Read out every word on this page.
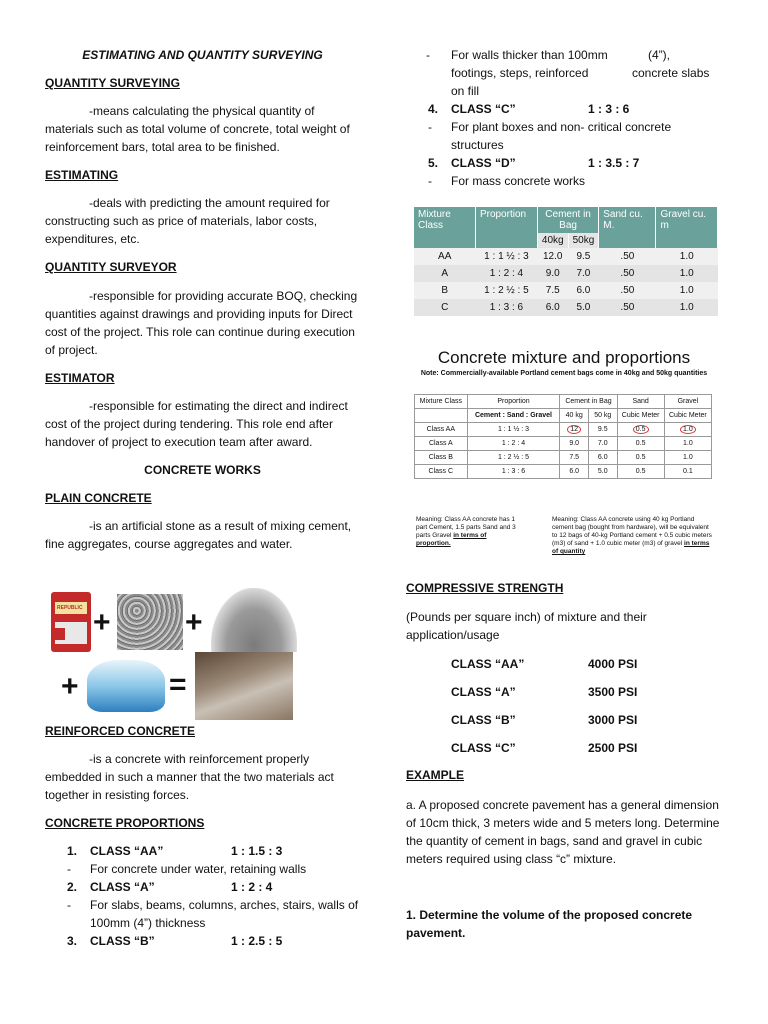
ESTIMATING AND QUANTITY SURVEYING

QUANTITY SURVEYING

-means calculating the physical quantity of materials such as total volume of concrete, total weight of reinforcement bars, total area to be finished.

ESTIMATING

-deals with predicting the amount required for constructing such as price of materials, labor costs, expenditures, etc.

QUANTITY SURVEYOR

-responsible for providing accurate BOQ, checking quantities against drawings and providing inputs for Direct cost of the project. This role can continue during execution of project.

ESTIMATOR

-responsible for estimating the direct and indirect cost of the project during tendering. This role end after handover of project to execution team after award.

CONCRETE WORKS

PLAIN CONCRETE

-is an artificial stone as a result of mixing cement, fine aggregates, course aggregates and water.

REPUBLIC + +
+	=

REINFORCED CONCRETE

-is a concrete with reinforcement properly embedded in such a manner that the two materials act together in resisting forces.

CONCRETE PROPORTIONS

1. CLASS “AA”	1 : 1.5 : 3
- For concrete under water, retaining walls
2. CLASS “A”	1 : 2 : 4
- For slabs, beams, columns, arches, stairs, walls of 100mm (4”) thickness
3. CLASS “B”	1 : 2.5 : 5
- For walls thicker than 100mm	(4”),
footings, steps, reinforced	concrete slabs
on fill
4. CLASS “C”	1 : 3 : 6
- For plant boxes and non- critical concrete structures
5. CLASS “D”	1 : 3.5 : 7
- For mass concrete works
Mixture Class	Proportion	Cement in Bag		Sand cu. M.	Gravel cu. m
		40kg	50kg		
AA	1 : 1 ½ : 3	12.0	9.5	.50	1.0
A	1 : 2 : 4	9.0	7.0	.50	1.0
B	1 : 2 ½ : 5	7.5	6.0	.50	1.0
C	1 : 3 : 6	6.0	5.0	.50	1.0

Concrete mixture and proportions

Note: Commercially-available Portland cement bags come in 40kg and 50kg quantities

Mixture Class	Proportion	Cement in Bag		Sand	Gravel
	Cement : Sand : Gravel	40 kg	50 kg	Cubic Meter	Cubic Meter
Class AA	1 : 1 ½ : 3	12	9.5	0.5	1.0
Class A	1 : 2 : 4	9.0	7.0	0.5	1.0
Class B	1 : 2 ½ : 5	7.5	6.0	0.5	1.0
Class C	1 : 3 : 6	6.0	5.0	0.5	0.1
Meaning: Class AA concrete has 1 part Cement, 1.5 parts Sand and 3 parts Gravel in terms of proportion.
Meaning: Class AA concrete using 40 kg Portland cement bag (bought from hardware), will be equivalent to 12 bags of 40-kg Portland cement + 0.5 cubic meters (m3) of sand + 1.0 cubic meter (m3) of gravel in terms of quantity

COMPRESSIVE STRENGTH

(Pounds per square inch) of mixture and their application/usage

CLASS “AA”	4000 PSI
CLASS “A”	3500 PSI
CLASS “B”	3000 PSI
CLASS “C”	2500 PSI

EXAMPLE

a. A proposed concrete pavement has a general dimension of 10cm thick, 3 meters wide and 5 meters long. Determine the quantity of cement in bags, sand and gravel in cubic meters required using class “c” mixture.

1. Determine the volume of the proposed concrete pavement.
